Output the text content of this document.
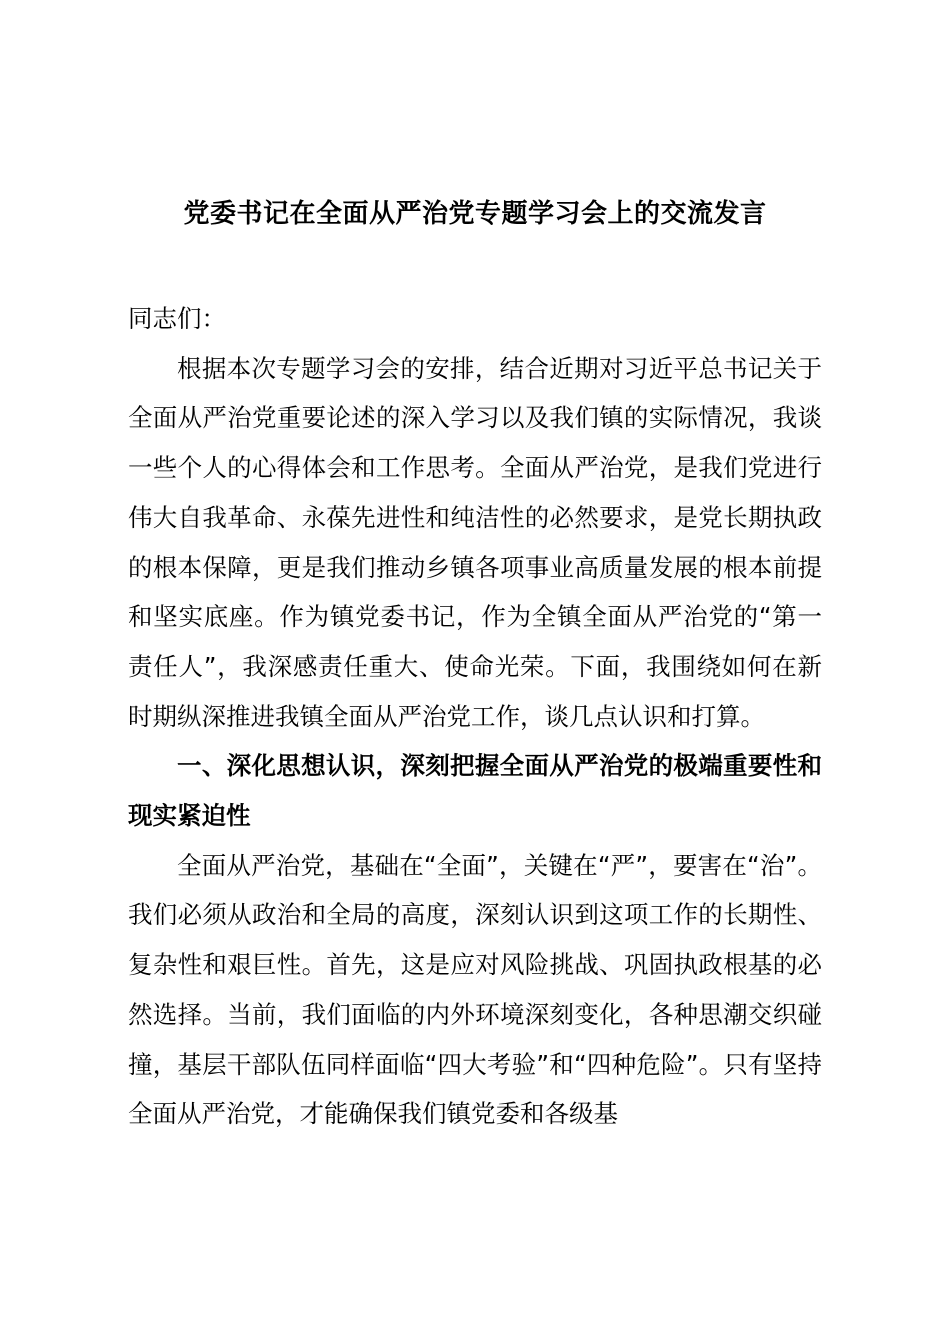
党委书记在全面从严治党专题学习会上的交流发言

同志们：

根据本次专题学习会的安排，结合近期对习近平总书记关于全面从严治党重要论述的深入学习以及我们镇的实际情况，我谈一些个人的心得体会和工作思考。全面从严治党，是我们党进行伟大自我革命、永葆先进性和纯洁性的必然要求，是党长期执政的根本保障，更是我们推动乡镇各项事业高质量发展的根本前提和坚实底座。作为镇党委书记，作为全镇全面从严治党的“第一责任人”，我深感责任重大、使命光荣。下面，我围绕如何在新时期纵深推进我镇全面从严治党工作，谈几点认识和打算。

一、深化思想认识，深刻把握全面从严治党的极端重要性和现实紧迫性

全面从严治党，基础在“全面”，关键在“严”，要害在“治”。我们必须从政治和全局的高度，深刻认识到这项工作的长期性、复杂性和艰巨性。首先，这是应对风险挑战、巩固执政根基的必然选择。当前，我们面临的内外环境深刻变化，各种思潮交织碰撞，基层干部队伍同样面临“四大考验”和“四种危险”。只有坚持全面从严治党，才能确保我们镇党委和各级基
